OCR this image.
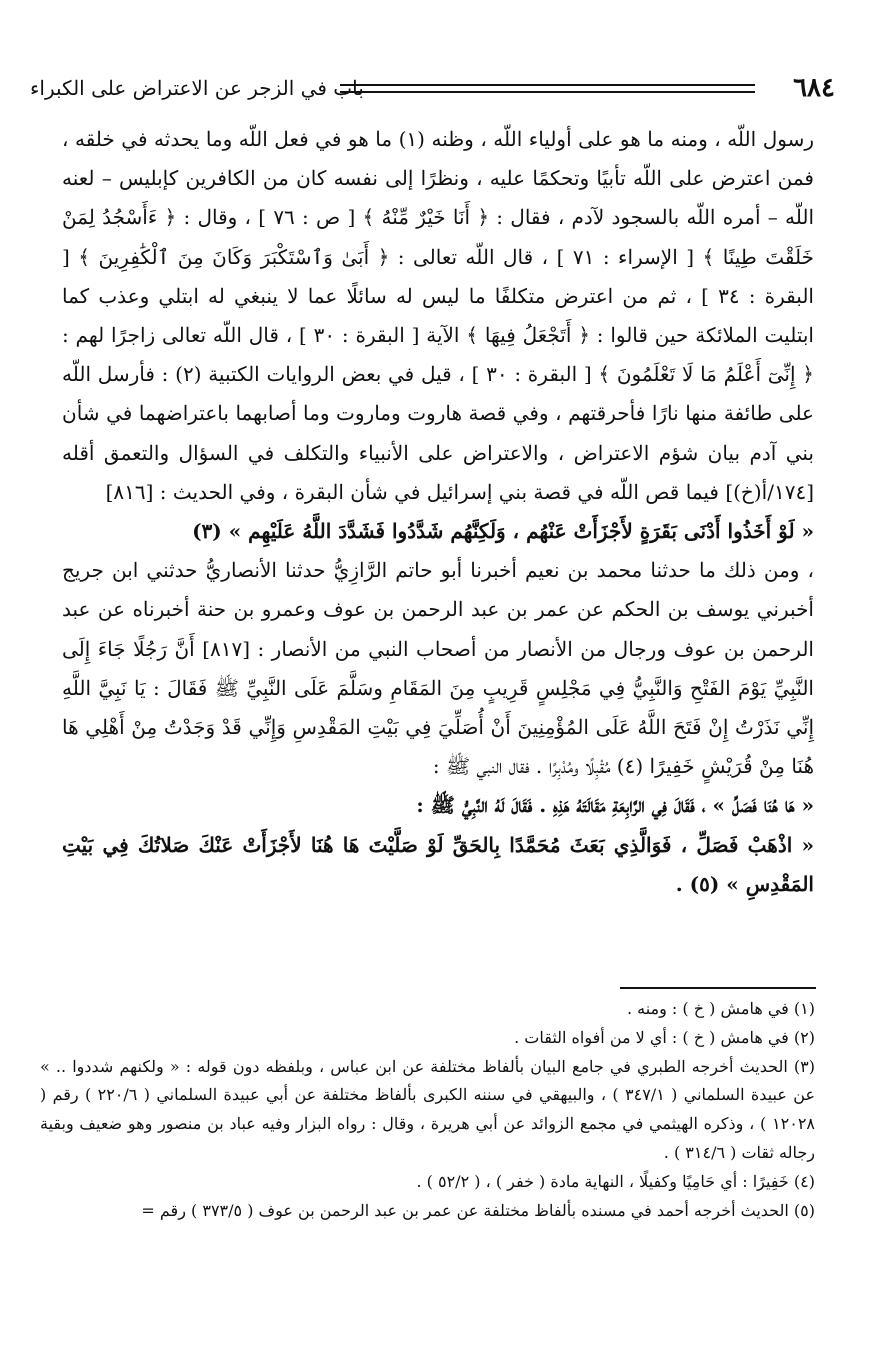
٦٨٤
باب في الزجر عن الاعتراض على الكبراء
رسول اللّه ، ومنه ما هو على أولياء اللّه ، وظنه (١) ما هو في فعل اللّه وما يحدثه في خلقه ، فمن اعترض على اللّه تأبيًا وتحكمًا عليه ، ونظرًا إلى نفسه كان من الكافرين كإبليس – لعنه اللّه – أمره اللّه بالسجود لآدم ، فقال : ﴿ أَنَا خَيْرٌ مِّنْهُ ﴾ [ ص : ٧٦ ] ، وقال : ﴿ ءَأَسْجُدُ لِمَنْ خَلَقْتَ طِينًا ﴾ [ الإسراء : ٧١ ] ، قال اللّه تعالى : ﴿ أَبَىٰ وَٱسْتَكْبَرَ وَكَانَ مِنَ ٱلْكَٰفِرِينَ ﴾ [ البقرة : ٣٤ ] ، ثم من اعترض متكلفًا ما ليس له سائلًا عما لا ينبغي له ابتلي وعذب كما ابتليت الملائكة حين قالوا : ﴿ أَتَجْعَلُ فِيهَا ﴾ الآية [ البقرة : ٣٠ ] ، قال اللّه تعالى زاجرًا لهم : ﴿ إِنِّىٓ أَعْلَمُ مَا لَا تَعْلَمُونَ ﴾ [ البقرة : ٣٠ ] ، قيل في بعض الروايات الكتبية (٢) : فأرسل اللّه على طائفة منها نارًا فأحرقتهم ، وفي قصة هاروت وماروت وما أصابهما باعتراضهما في شأن بني آدم بيان شؤم الاعتراض ، والاعتراض على الأنبياء والتكلف في السؤال والتعمق أقله [١٧٤/أ(خ)] فيما قص اللّه في قصة بني إسرائيل في شأن البقرة ، وفي الحديث : [٨١٦]
« لَوْ أَخَذُوا أَدْنَى بَقَرَةٍ لأَجْزَأَتْ عَنْهُم ، وَلَكِنَّهُم شَدَّدُوا فَشَدَّدَ اللَّهُ عَلَيْهِم » (٣)
، ومن ذلك ما حدثنا محمد بن نعيم أخبرنا أبو حاتم الرَّازِيُّ حدثنا الأنصاريُّ حدثني ابن جريج أخبرني يوسف بن الحكم عن عمر بن عبد الرحمن بن عوف وعمرو بن حنة أخبرناه عن عبد الرحمن بن عوف ورجال من الأنصار من أصحاب النبي من الأنصار : [٨١٧] أَنَّ رَجُلًا جَاءَ إِلَى النَّبِيِّ يَوْمَ الفَتْحِ وَالنَّبِيُّ فِي مَجْلِسٍ قَرِيبٍ مِنَ المَقَامِ وسَلَّمَ عَلَى النَّبِيِّ ﷺ فَقَالَ : يَا نَبِيَّ اللَّهِ إِنِّي نَذَرْتُ إِنْ فَتَحَ اللَّهُ عَلَى المُؤْمِنِينَ أَنْ أُصَلِّيَ فِي بَيْتِ المَقْدِسِ وَإِنِّي قَدْ وَجَدْتُ مِنْ أَهْلِي هَا هُنَا مِنْ قُرَيْشٍ خَفِيرًا (٤) مُقْبِلًا ومُدْبِرًا . فقال النبي ﷺ :
« هَا هُنَا فَصَلِّ » ، فَقَالَ فِي الرَّابِعَةِ مَقَالَتَهُ هَذِهِ . فَقَالَ لَهُ النَّبِيُّ ﷺ :
« اذْهَبْ فَصَلِّ ، فَوَالَّذِي بَعَثَ مُحَمَّدًا بِالحَقِّ لَوْ صَلَّيْتَ هَا هُنَا لأَجْزَأَتْ عَنْكَ صَلاتُكَ فِي بَيْتِ المَقْدِسِ » (٥) .
(١) في هامش ( خ ) : ومنه .
(٢) في هامش ( خ ) : أي لا من أفواه الثقات .
(٣) الحديث أخرجه الطبري في جامع البيان بألفاظ مختلفة عن ابن عباس ، وبلفظه دون قوله : « ولكنهم شددوا .. » عن عبيدة السلماني ( ٣٤٧/١ ) ، والبيهقي في سننه الكبرى بألفاظ مختلفة عن أبي عبيدة السلماني ( ٢٢٠/٦ ) رقم ( ١٢٠٢٨ ) ، وذكره الهيثمي في مجمع الزوائد عن أبي هريرة ، وقال : رواه البزار وفيه عباد بن منصور وهو ضعيف وبقية رجاله ثقات ( ٣١٤/٦ ) .
(٤) خَفِيرًا : أي حَامِيًا وكفيلًا ، النهاية مادة ( خفر ) ، ( ٥٢/٢ ) .
(٥) الحديث أخرجه أحمد في مسنده بألفاظ مختلفة عن عمر بن عبد الرحمن بن عوف ( ٣٧٣/٥ ) رقم =
